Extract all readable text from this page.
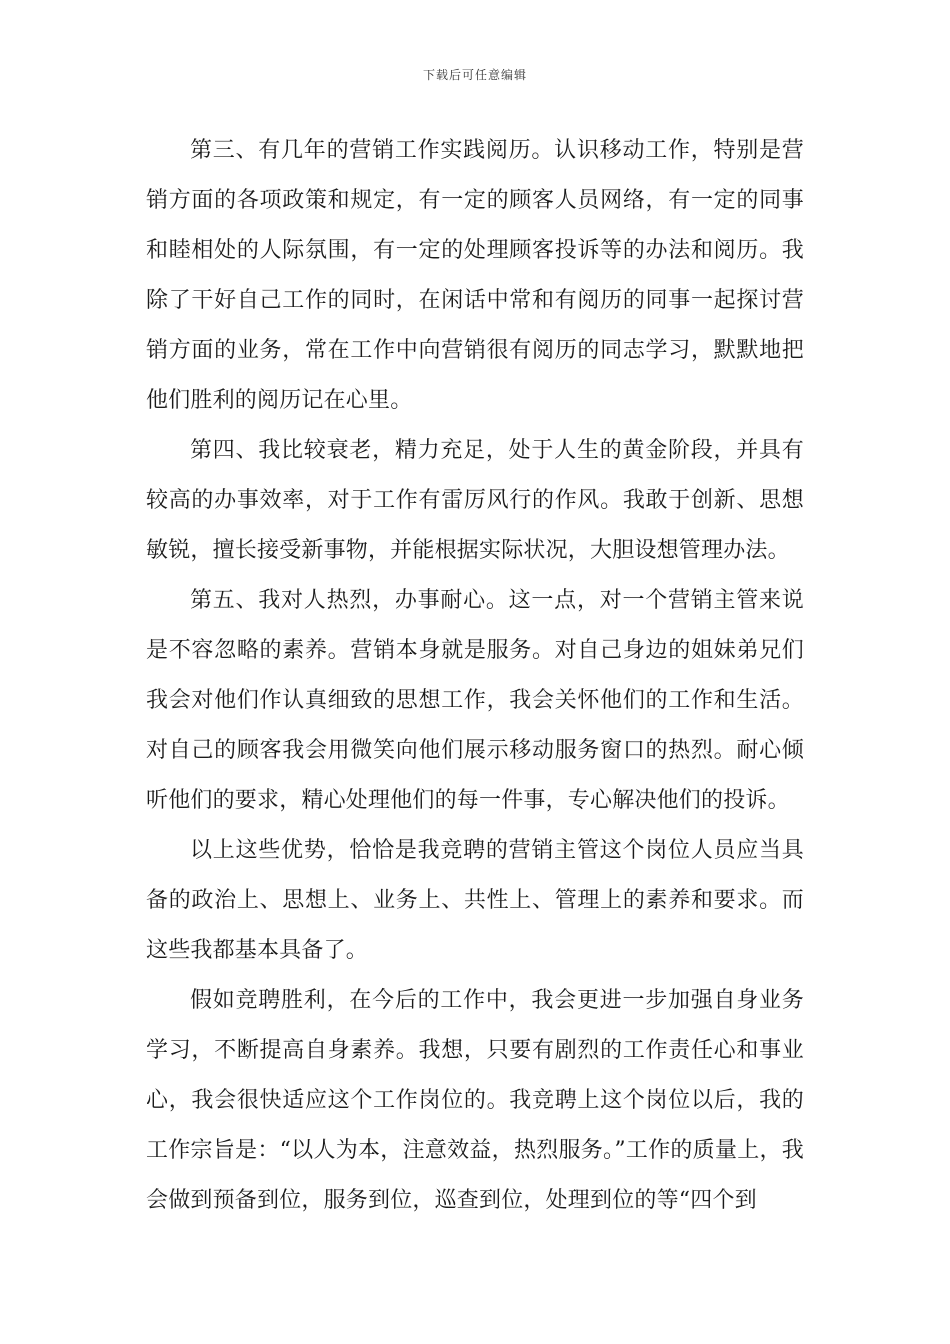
下载后可任意编辑

第三、有几年的营销工作实践阅历。认识移动工作，特别是营销方面的各项政策和规定，有一定的顾客人员网络，有一定的同事和睦相处的人际氛围，有一定的处理顾客投诉等的办法和阅历。我除了干好自己工作的同时，在闲话中常和有阅历的同事一起探讨营销方面的业务，常在工作中向营销很有阅历的同志学习，默默地把他们胜利的阅历记在心里。

第四、我比较衰老，精力充足，处于人生的黄金阶段，并具有较高的办事效率，对于工作有雷厉风行的作风。我敢于创新、思想敏锐，擅长接受新事物，并能根据实际状况，大胆设想管理办法。

第五、我对人热烈，办事耐心。这一点，对一个营销主管来说是不容忽略的素养。营销本身就是服务。对自己身边的姐妹弟兄们我会对他们作认真细致的思想工作，我会关怀他们的工作和生活。对自己的顾客我会用微笑向他们展示移动服务窗口的热烈。耐心倾听他们的要求，精心处理他们的每一件事，专心解决他们的投诉。

以上这些优势，恰恰是我竞聘的营销主管这个岗位人员应当具备的政治上、思想上、业务上、共性上、管理上的素养和要求。而这些我都基本具备了。

假如竞聘胜利，在今后的工作中，我会更进一步加强自身业务学习，不断提高自身素养。我想，只要有剧烈的工作责任心和事业心，我会很快适应这个工作岗位的。我竞聘上这个岗位以后，我的工作宗旨是：“以人为本，注意效益，热烈服务。”工作的质量上，我会做到预备到位，服务到位，巡查到位，处理到位的等“四个到
